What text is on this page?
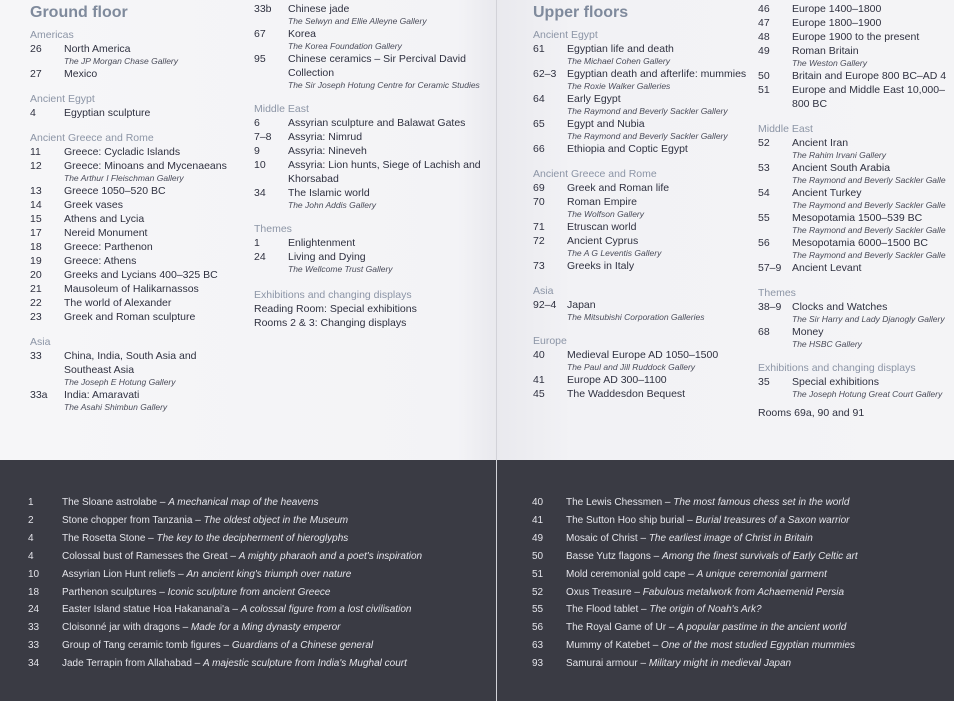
Ground floor
Americas
26	North America
The JP Morgan Chase Gallery
27	Mexico
Ancient Egypt
4	Egyptian sculpture
Ancient Greece and Rome
11	Greece: Cycladic Islands
12	Greece: Minoans and Mycenaeans
The Arthur I Fleischman Gallery
13	Greece 1050–520 BC
14	Greek vases
15	Athens and Lycia
17	Nereid Monument
18	Greece: Parthenon
19	Greece: Athens
20	Greeks and Lycians 400–325 BC
21	Mausoleum of Halikarnassos
22	The world of Alexander
23	Greek and Roman sculpture
Asia
33	China, India, South Asia and Southeast Asia
The Joseph E Hotung Gallery
33a	India: Amaravati
The Asahi Shimbun Gallery
33b	Chinese jade
The Selwyn and Ellie Alleyne Gallery
67	Korea
The Korea Foundation Gallery
95	Chinese ceramics – Sir Percival David Collection
The Sir Joseph Hotung Centre for Ceramic Studies
Middle East
6	Assyrian sculpture and Balawat Gates
7–8	Assyria: Nimrud
9	Assyria: Nineveh
10	Assyria: Lion hunts, Siege of Lachish and Khorsabad
34	The Islamic world
The John Addis Gallery
Themes
1	Enlightenment
24	Living and Dying
The Wellcome Trust Gallery
Exhibitions and changing displays
Reading Room: Special exhibitions
Rooms 2 & 3: Changing displays
Upper floors
Ancient Egypt
61	Egyptian life and death
The Michael Cohen Gallery
62–3	Egyptian death and afterlife: mummies
The Roxie Walker Galleries
64	Early Egypt
The Raymond and Beverly Sackler Gallery
65	Egypt and Nubia
The Raymond and Beverly Sackler Gallery
66	Ethiopia and Coptic Egypt
Ancient Greece and Rome
69	Greek and Roman life
70	Roman Empire
The Wolfson Gallery
71	Etruscan world
72	Ancient Cyprus
The A G Leventis Gallery
73	Greeks in Italy
Asia
92–4	Japan
The Mitsubishi Corporation Galleries
Europe
40	Medieval Europe AD 1050–1500
The Paul and Jill Ruddock Gallery
41	Europe AD 300–1100
45	The Waddesdon Bequest
46	Europe 1400–1800
47	Europe 1800–1900
48	Europe 1900 to the present
49	Roman Britain
The Weston Gallery
50	Britain and Europe 800 BC–AD 4
51	Europe and Middle East 10,000–800 BC
Middle East
52	Ancient Iran
The Rahim Irvani Gallery
53	Ancient South Arabia
The Raymond and Beverly Sackler Galle
54	Ancient Turkey
The Raymond and Beverly Sackler Galle
55	Mesopotamia 1500–539 BC
The Raymond and Beverly Sackler Galle
56	Mesopotamia 6000–1500 BC
The Raymond and Beverly Sackler Galle
57–9	Ancient Levant
Themes
38–9	Clocks and Watches
The Sir Harry and Lady Djanogly Gallery
68	Money
The HSBC Gallery
Exhibitions and changing displays
35	Special exhibitions
The Joseph Hotung Great Court Gallery
Rooms 69a, 90 and 91
1	The Sloane astrolabe – A mechanical map of the heavens
2	Stone chopper from Tanzania – The oldest object in the Museum
4	The Rosetta Stone – The key to the decipherment of hieroglyphs
4	Colossal bust of Ramesses the Great – A mighty pharaoh and a poet's inspiration
10	Assyrian Lion Hunt reliefs – An ancient king's triumph over nature
18	Parthenon sculptures – Iconic sculpture from ancient Greece
24	Easter Island statue Hoa Hakananai'a – A colossal figure from a lost civilisation
33	Cloisonné jar with dragons – Made for a Ming dynasty emperor
33	Group of Tang ceramic tomb figures – Guardians of a Chinese general
34	Jade Terrapin from Allahabad – A majestic sculpture from India's Mughal court
40	The Lewis Chessmen – The most famous chess set in the world
41	The Sutton Hoo ship burial – Burial treasures of a Saxon warrior
49	Mosaic of Christ – The earliest image of Christ in Britain
50	Basse Yutz flagons – Among the finest survivals of Early Celtic art
51	Mold ceremonial gold cape – A unique ceremonial garment
52	Oxus Treasure – Fabulous metalwork from Achaemenid Persia
55	The Flood tablet – The origin of Noah's Ark?
56	The Royal Game of Ur – A popular pastime in the ancient world
63	Mummy of Katebet – One of the most studied Egyptian mummies
93	Samurai armour – Military might in medieval Japan
